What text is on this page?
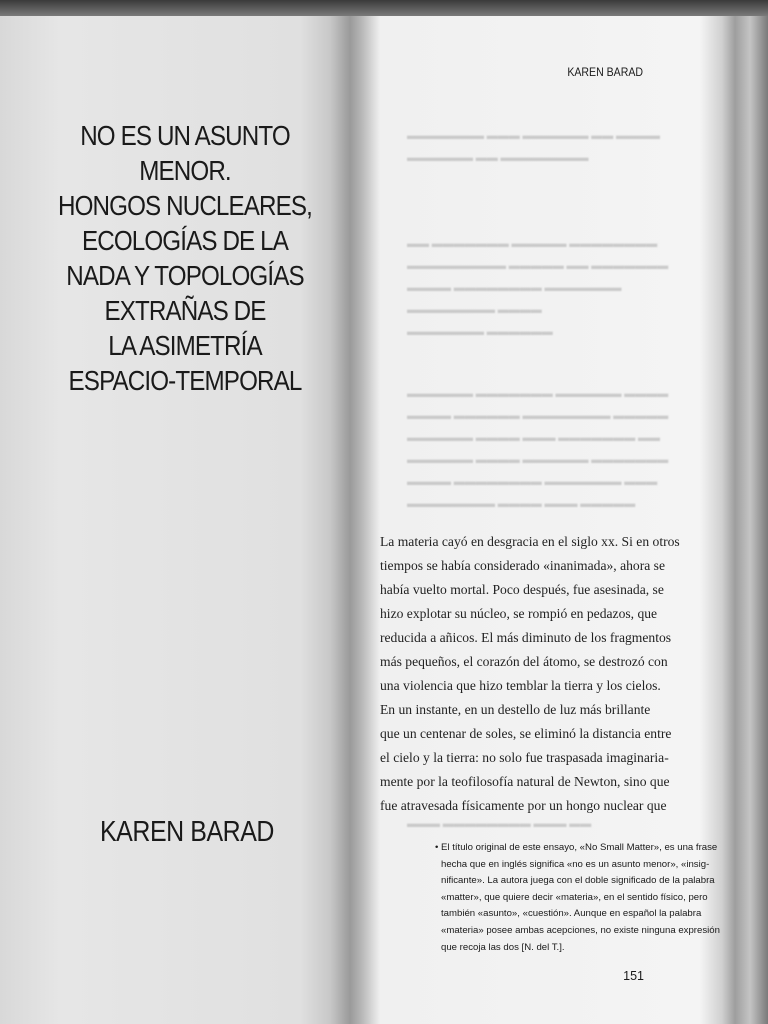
NO ES UN ASUNTO
MENOR.
HONGOS NUCLEARES,
ECOLOGÍAS DE LA
NADA Y TOPOLOGÍAS
EXTRAÑAS DE
LA ASIMETRÍA
ESPACIO-TEMPORAL
KAREN BARAD
KAREN BARAD
▬▬▬▬▬▬▬ ▬▬▬ ▬▬▬▬▬▬ ▬▬ ▬▬▬▬
▬▬▬▬▬▬ ▬▬ ▬▬▬▬▬▬▬▬
▬▬ ▬▬▬▬▬▬▬ ▬▬▬▬▬ ▬▬▬▬▬▬▬▬
▬▬▬▬▬▬▬▬▬ ▬▬▬▬▬ ▬▬ ▬▬▬▬▬▬▬
▬▬▬▬ ▬▬▬▬▬▬▬▬ ▬▬▬▬▬▬▬
▬▬▬▬▬▬▬▬ ▬▬▬▬
▬▬▬▬▬▬▬ ▬▬▬▬▬▬
▬▬▬▬▬▬ ▬▬▬▬▬▬▬ ▬▬▬▬▬▬ ▬▬▬▬
▬▬▬▬ ▬▬▬▬▬▬ ▬▬▬▬▬▬▬▬ ▬▬▬▬▬
▬▬▬▬▬▬ ▬▬▬▬ ▬▬▬ ▬▬▬▬▬▬▬ ▬▬
▬▬▬▬▬▬ ▬▬▬▬ ▬▬▬▬▬▬ ▬▬▬▬▬▬▬
▬▬▬▬ ▬▬▬▬▬▬▬▬ ▬▬▬▬▬▬▬ ▬▬▬
▬▬▬▬▬▬▬▬ ▬▬▬▬ ▬▬▬ ▬▬▬▬▬
▬▬▬ ▬▬▬▬▬▬▬▬ ▬▬▬ ▬▬
La materia cayó en desgracia en el siglo xx. Si en otros
tiempos se había considerado «inanimada», ahora se
había vuelto mortal. Poco después, fue asesinada, se
hizo explotar su núcleo, se rompió en pedazos, que
reducida a añicos. El más diminuto de los fragmentos
más pequeños, el corazón del átomo, se destrozó con
una violencia que hizo temblar la tierra y los cielos.
En un instante, en un destello de luz más brillante
que un centenar de soles, se eliminó la distancia entre
el cielo y la tierra: no solo fue traspasada imaginaria-
mente por la teofilosofía natural de Newton, sino que
fue atravesada físicamente por un hongo nuclear que
• El título original de este ensayo, «No Small Matter», es una frase
hecha que en inglés significa «no es un asunto menor», «insig-
nificante». La autora juega con el doble significado de la palabra
«matter», que quiere decir «materia», en el sentido físico, pero
también «asunto», «cuestión». Aunque en español la palabra
«materia» posee ambas acepciones, no existe ninguna expresión
que recoja las dos [N. del T.].
151
